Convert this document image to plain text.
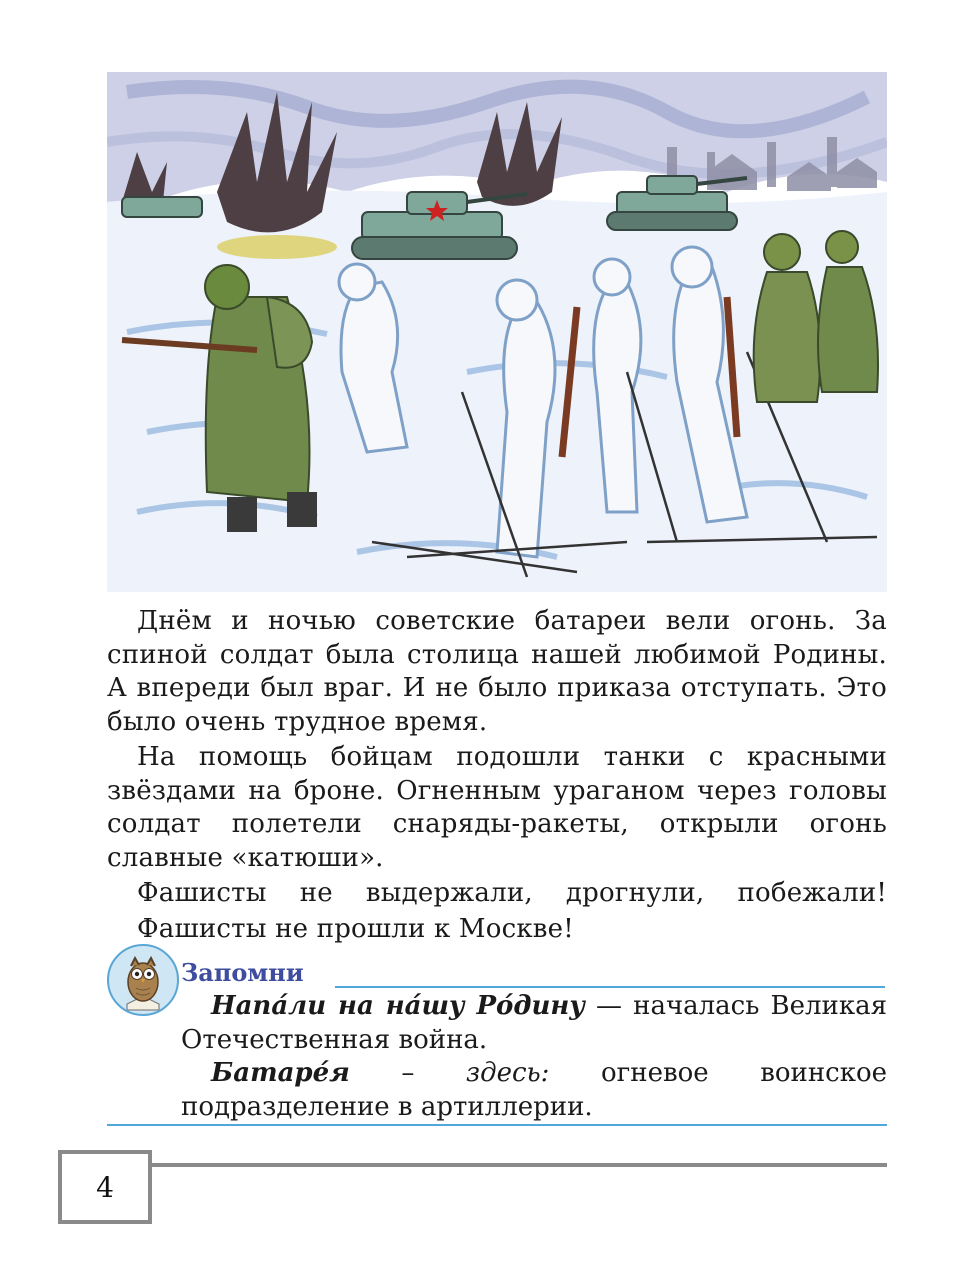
Днём и ночью советские батареи вели огонь. За спиной солдат была столица нашей любимой Родины. А впереди был враг. И не было приказа отступать. Это было очень трудное время.

На помощь бойцам подошли танки с красными звёздами на броне. Огненным ураганом через головы солдат полетели снаряды-ракеты, открыли огонь славные «катюши».

Фашисты не выдержали, дрогнули, побежали!

Фашисты не прошли к Москве!

Запомни

Напа́ли на на́шу Ро́дину — началась Великая Отечественная война.

Батаре́я – здесь: огневое воинское подразделение в артиллерии.

4
